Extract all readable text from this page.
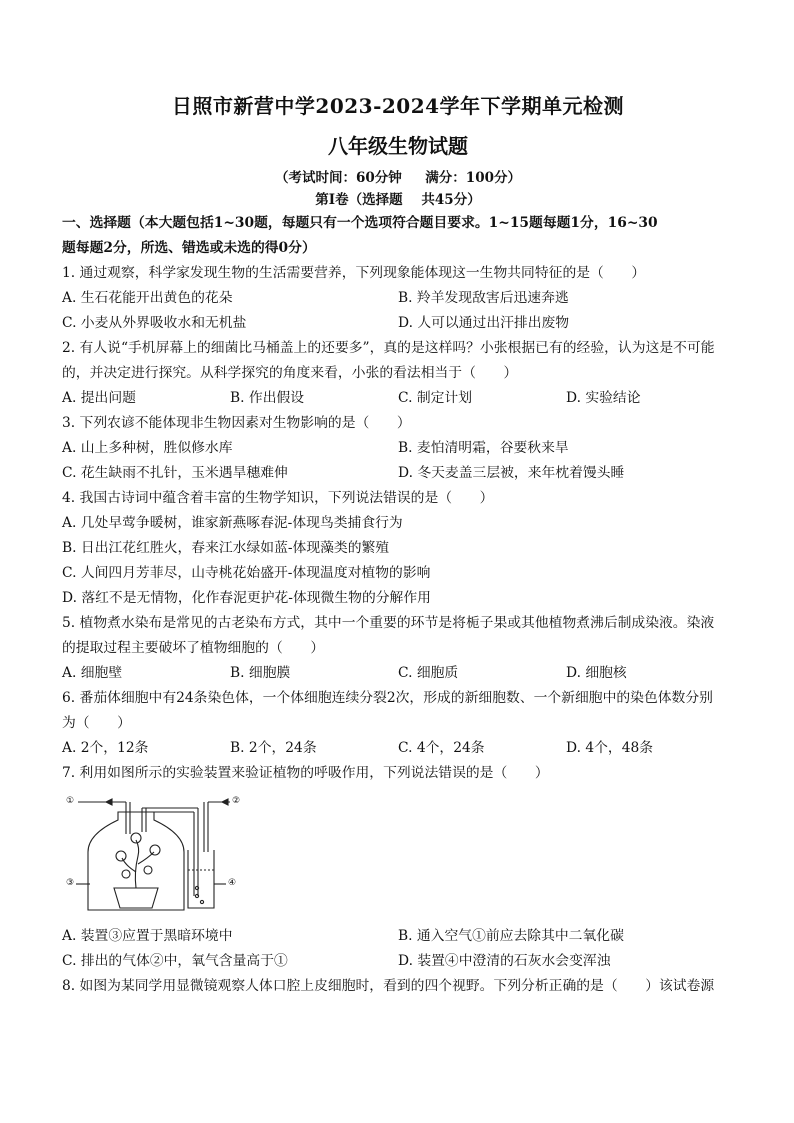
日照市新营中学2023-2024学年下学期单元检测

八年级生物试题

（考试时间：60分钟     满分：100分）

第Ⅰ卷（选择题    共45分）

一、选择题（本大题包括1~30题，每题只有一个选项符合题目要求。1~15题每题1分，16~30
题每题2分，所选、错选或未选的得0分）
1. 通过观察，科学家发现生物的生活需要营养，下列现象能体现这一生物共同特征的是（　　）
A. 生石花能开出黄色的花朵	B. 羚羊发现敌害后迅速奔逃
C. 小麦从外界吸收水和无机盐	D. 人可以通过出汗排出废物
2. 有人说“手机屏幕上的细菌比马桶盖上的还要多”，真的是这样吗？小张根据已有的经验，认为这是不可能
的，并决定进行探究。从科学探究的角度来看，小张的看法相当于（　　）
A. 提出问题	B. 作出假设	C. 制定计划	D. 实验结论
3. 下列农谚不能体现非生物因素对生物影响的是（　　）
A. 山上多种树，胜似修水库	B. 麦怕清明霜，谷要秋来旱
C. 花生缺雨不扎针，玉米遇旱穗难伸	D. 冬天麦盖三层被，来年枕着馒头睡
4. 我国古诗词中蕴含着丰富的生物学知识，下列说法错误的是（　　）
A. 几处早莺争暖树，谁家新燕啄春泥-体现鸟类捕食行为
B. 日出江花红胜火，春来江水绿如蓝-体现藻类的繁殖
C. 人间四月芳菲尽，山寺桃花始盛开-体现温度对植物的影响
D. 落红不是无情物，化作春泥更护花-体现微生物的分解作用
5. 植物煮水染布是常见的古老染布方式，其中一个重要的环节是将栀子果或其他植物煮沸后制成染液。染液
的提取过程主要破坏了植物细胞的（　　）
A. 细胞壁	B. 细胞膜	C. 细胞质	D. 细胞核
6. 番茄体细胞中有24条染色体，一个体细胞连续分裂2次，形成的新细胞数、一个新细胞中的染色体数分别
为（　　）
A. 2个，12条	B. 2个，24条	C. 4个，24条	D. 4个，48条
7. 利用如图所示的实验装置来验证植物的呼吸作用，下列说法错误的是（　　）
①	②
③	④
A. 装置③应置于黑暗环境中	B. 通入空气①前应去除其中二氧化碳
C. 排出的气体②中，氧气含量高于①	D. 装置④中澄清的石灰水会变浑浊
8. 如图为某同学用显微镜观察人体口腔上皮细胞时，看到的四个视野。下列分析正确的是（　　）该试卷源
